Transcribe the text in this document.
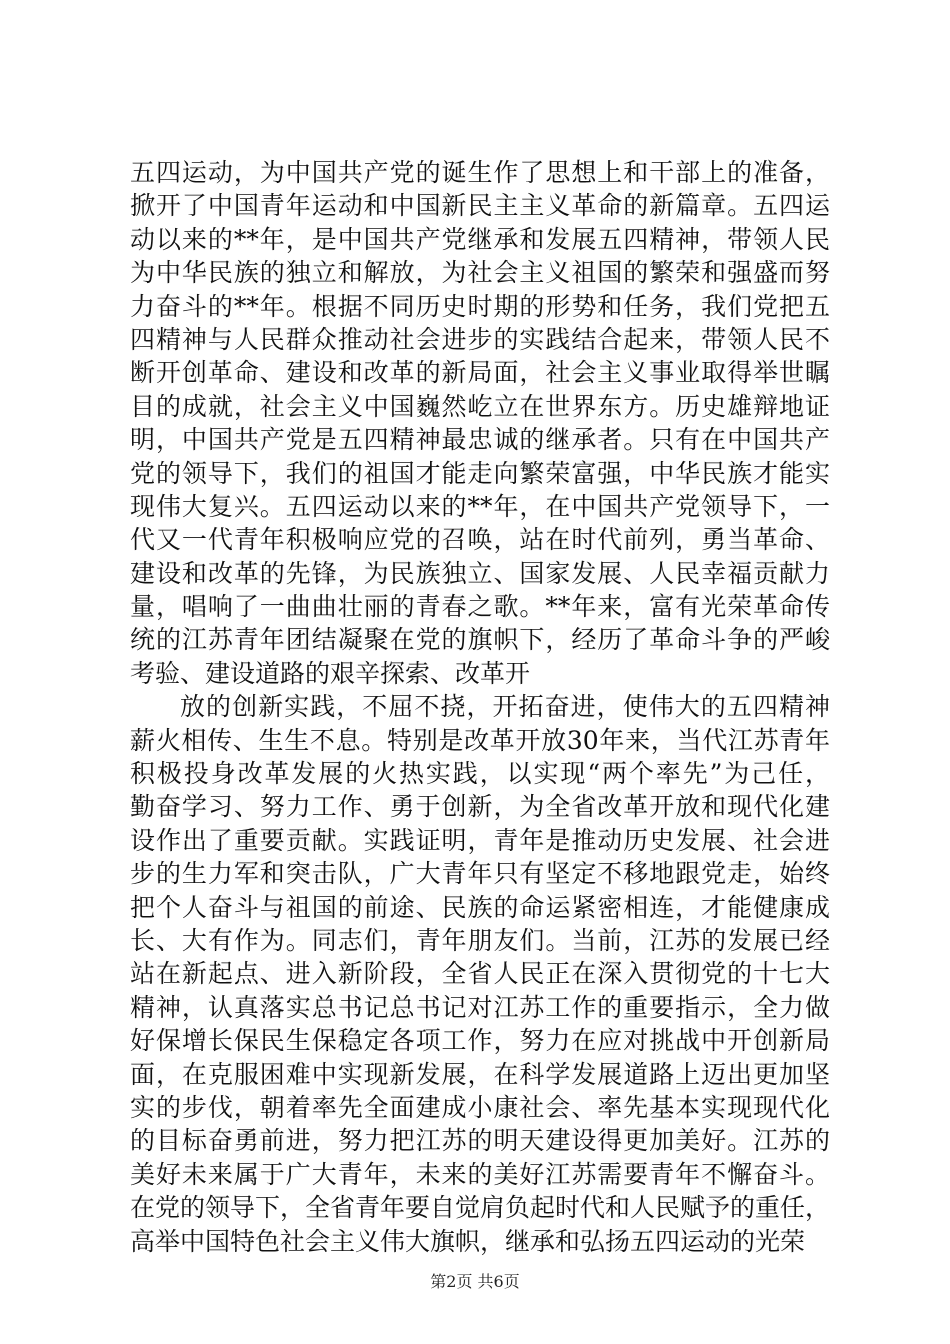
五四运动，为中国共产党的诞生作了思想上和干部上的准备，
掀开了中国青年运动和中国新民主主义革命的新篇章。五四运
动以来的**年，是中国共产党继承和发展五四精神，带领人民
为中华民族的独立和解放，为社会主义祖国的繁荣和强盛而努
力奋斗的**年。根据不同历史时期的形势和任务，我们党把五
四精神与人民群众推动社会进步的实践结合起来，带领人民不
断开创革命、建设和改革的新局面，社会主义事业取得举世瞩
目的成就，社会主义中国巍然屹立在世界东方。历史雄辩地证
明，中国共产党是五四精神最忠诚的继承者。只有在中国共产
党的领导下，我们的祖国才能走向繁荣富强，中华民族才能实
现伟大复兴。五四运动以来的**年，在中国共产党领导下，一
代又一代青年积极响应党的召唤，站在时代前列，勇当革命、
建设和改革的先锋，为民族独立、国家发展、人民幸福贡献力
量，唱响了一曲曲壮丽的青春之歌。**年来，富有光荣革命传
统的江苏青年团结凝聚在党的旗帜下，经历了革命斗争的严峻
考验、建设道路的艰辛探索、改革开
放的创新实践，不屈不挠，开拓奋进，使伟大的五四精神
薪火相传、生生不息。特别是改革开放30年来，当代江苏青年
积极投身改革发展的火热实践，以实现“两个率先”为己任，
勤奋学习、努力工作、勇于创新，为全省改革开放和现代化建
设作出了重要贡献。实践证明，青年是推动历史发展、社会进
步的生力军和突击队，广大青年只有坚定不移地跟党走，始终
把个人奋斗与祖国的前途、民族的命运紧密相连，才能健康成
长、大有作为。同志们，青年朋友们。当前，江苏的发展已经
站在新起点、进入新阶段，全省人民正在深入贯彻党的十七大
精神，认真落实总书记总书记对江苏工作的重要指示，全力做
好保增长保民生保稳定各项工作，努力在应对挑战中开创新局
面，在克服困难中实现新发展，在科学发展道路上迈出更加坚
实的步伐，朝着率先全面建成小康社会、率先基本实现现代化
的目标奋勇前进，努力把江苏的明天建设得更加美好。江苏的
美好未来属于广大青年，未来的美好江苏需要青年不懈奋斗。
在党的领导下，全省青年要自觉肩负起时代和人民赋予的重任，
高举中国特色社会主义伟大旗帜，继承和弘扬五四运动的光荣
第2页 共6页
